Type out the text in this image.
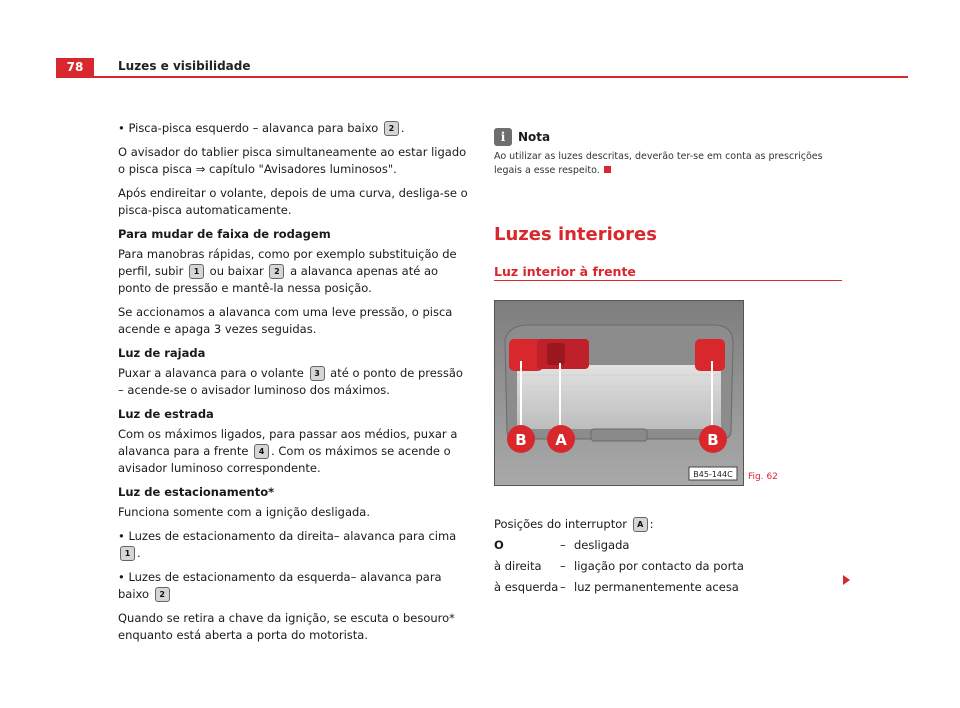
78	Luzes e visibilidade

• Pisca-pisca esquerdo – alavanca para baixo 2 .

O avisador do tablier pisca simultaneamente ao estar ligado o pisca pisca ⇒ capítulo "Avisadores luminosos".

Após endireitar o volante, depois de uma curva, desliga-se o pisca-pisca automaticamente.

Para mudar de faixa de rodagem

Para manobras rápidas, como por exemplo substituição de perfil, subir 1 ou baixar 2 a alavanca apenas até ao ponto de pressão e mantê-la nessa posição.

Se accionamos a alavanca com uma leve pressão, o pisca acende e apaga 3 vezes seguidas.

Luz de rajada

Puxar a alavanca para o volante 3 até o ponto de pressão – acende-se o avisador luminoso dos máximos.

Luz de estrada

Com os máximos ligados, para passar aos médios, puxar a alavanca para a frente 4 . Com os máximos se acende o avisador luminoso correspondente.

Luz de estacionamento*

Funciona somente com a ignição desligada.

• Luzes de estacionamento da direita– alavanca para cima 1 .

• Luzes de estacionamento da esquerda– alavanca para baixo 2

Quando se retira a chave da ignição, se escuta o besouro* enquanto está aberta a porta do motorista.

i	Nota
Ao utilizar as luzes descritas, deverão ter-se em conta as prescrições legais a esse respeito.
Luzes interiores
Luz interior à frente
B A	B
B45-144C Fig. 62
Posições do interruptor A :
O	– desligada
à direita	– ligação por contacto da porta
à esquerda – luz permanentemente acesa
